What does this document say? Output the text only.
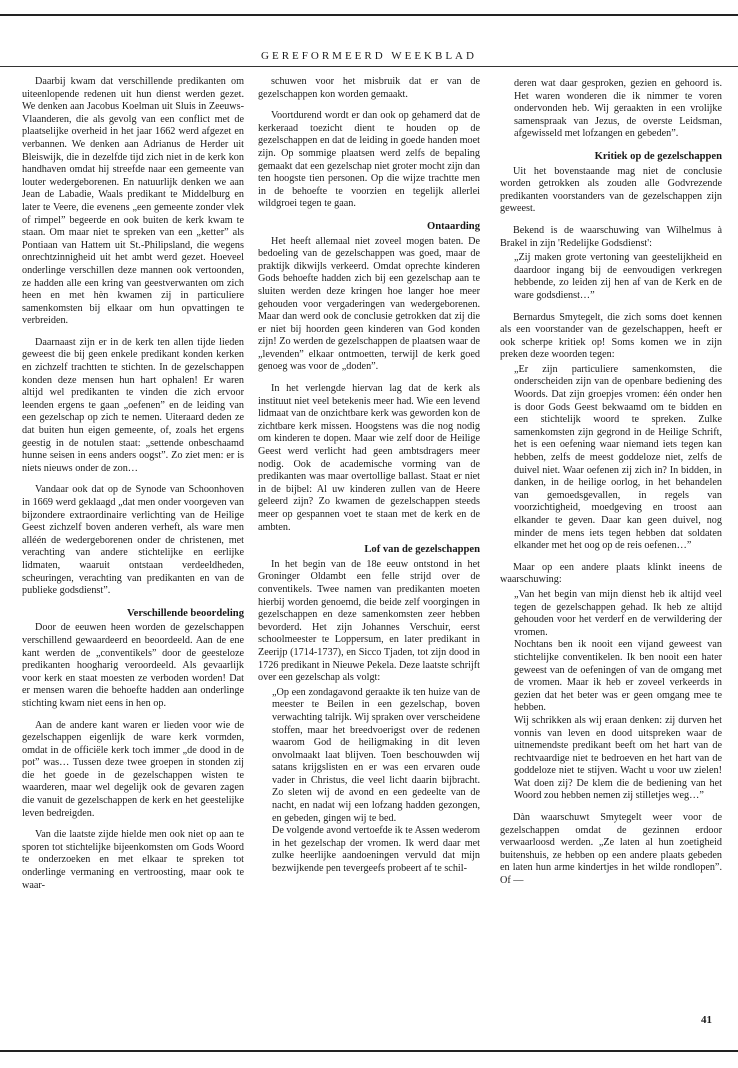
GEREFORMEERD WEEKBLAD

Daarbij kwam dat verschillende predikanten om uiteenlopende redenen uit hun dienst werden gezet. We denken aan Jacobus Koelman uit Sluis in Zeeuws-Vlaanderen, die als gevolg van een conflict met de plaatselijke overheid in het jaar 1662 werd afgezet en verbannen. We denken aan Adrianus de Herder uit Bleiswijk, die in dezelfde tijd zich niet in de kerk kon handhaven omdat hij streefde naar een gemeente van louter wedergeborenen. En natuurlijk denken we aan Jean de Labadie, Waals predikant te Middelburg en later te Veere, die evenens „een gemeente zonder vlek of rimpel” begeerde en ook buiten de kerk kwam te staan. Om maar niet te spreken van een „ketter” als Pontiaan van Hattem uit St.-Philipsland, die wegens onrechtzinnigheid uit het ambt werd gezet. Hoeveel onderlinge verschillen deze mannen ook vertoonden, ze hadden alle een kring van geestverwanten om zich heen en met hèn kwamen zij in particuliere samenkomsten bij elkaar om hun opvattingen te verbreiden.

Daarnaast zijn er in de kerk ten allen tijde lieden geweest die bij geen enkele predikant konden kerken en zichzelf trachtten te stichten. In de gezelschappen konden deze mensen hun hart ophalen! Er waren altijd wel predikanten te vinden die zich ervoor leenden ergens te gaan „oefenen” en de leiding van een gezelschap op zich te nemen. Uiteraard deden ze dat buiten hun eigen gemeente, of, zoals het ergens geestig in de notulen staat: „settende onbeschaamd hunne seisen in eens anders oogst”. Zo ziet men: er is niets nieuws onder de zon…

Vandaar ook dat op de Synode van Schoonhoven in 1669 werd geklaagd „dat men onder voorgeven van bijzondere extraordinaire verlichting van de Heilige Geest zichzelf boven anderen verheft, als ware men alléén de wedergeborenen onder de christenen, met verachting van andere stichtelijke en eerlijke lidmaten, waaruit ontstaan verdeeldheden, scheuringen, verachting van predikanten en van de publieke godsdienst”.

Verschillende beoordeling

Door de eeuwen heen worden de gezelschappen verschillend gewaardeerd en beoordeeld. Aan de ene kant werden de „conventikels” door de geesteloze predikanten hoogharig veroordeeld. Als gevaarlijk voor kerk en staat moesten ze verboden worden! Dat er mensen waren die behoefte hadden aan onderlinge stichting kwam niet eens in hen op.

Aan de andere kant waren er lieden voor wie de gezelschappen eigenlijk de ware kerk vormden, omdat in de officiële kerk toch immer „de dood in de pot” was… Tussen deze twee groepen in stonden zij die het goede in de gezelschappen wisten te waarderen, maar wel degelijk ook de gevaren zagen die vanuit de gezelschappen de kerk en het geestelijke leven bedreigden.

Van die laatste zijde hielde men ook niet op aan te sporen tot stichtelijke bijeenkomsten om Gods Woord te onderzoeken en met elkaar te spreken tot onderlinge vermaning en vertroosting, maar ook te waar-

schuwen voor het misbruik dat er van de gezelschappen kon worden gemaakt.

Voortdurend wordt er dan ook op gehamerd dat de kerkeraad toezicht dient te houden op de gezelschappen en dat de leiding in goede handen moet zijn. Op sommige plaatsen werd zelfs de bepaling gemaakt dat een gezelschap niet groter mocht zijn dan ten hoogste tien personen. Op die wijze trachtte men in de behoefte te voorzien en tegelijk allerlei wildgroei tegen te gaan.

Ontaarding

Het heeft allemaal niet zoveel mogen baten. De bedoeling van de gezelschappen was goed, maar de praktijk dikwijls verkeerd. Omdat oprechte kinderen Gods behoefte hadden zich bij een gezelschap aan te sluiten werden deze kringen hoe langer hoe meer gehouden voor vergaderingen van wedergeborenen. Maar dan werd ook de conclusie getrokken dat zij die er niet bij hoorden geen kinderen van God konden zijn! Zo werden de gezelschappen de plaatsen waar de „levenden” elkaar ontmoetten, terwijl de kerk goed genoeg was voor de „doden”.

In het verlengde hiervan lag dat de kerk als instituut niet veel betekenis meer had. Wie een levend lidmaat van de onzichtbare kerk was geworden kon de zichtbare kerk missen. Hoogstens was die nog nodig om kinderen te dopen. Maar wie zelf door de Heilige Geest werd verlicht had geen ambtsdragers meer nodig. Ook de academische vorming van de predikanten was maar overtollige ballast. Staat er niet in de bijbel: Al uw kinderen zullen van de Heere geleerd zijn? Zo kwamen de gezelschappen steeds meer op gespannen voet te staan met de kerk en de ambten.

Lof van de gezelschappen

In het begin van de 18e eeuw ontstond in het Groninger Oldambt een felle strijd over de conventikels. Twee namen van predikanten moeten hierbij worden genoemd, die beide zelf voorgingen in gezelschappen en deze samenkomsten zeer hebben bevorderd. Het zijn Johannes Verschuir, eerst schoolmeester te Loppersum, en later predikant in Zeerijp (1714-1737), en Sicco Tjaden, tot zijn dood in 1726 predikant in Nieuwe Pekela. Deze laatste schrijft over een gezelschap als volgt:

„Op een zondagavond geraakte ik ten huize van de meester te Beilen in een gezelschap, boven verwachting talrijk. Wij spraken over verscheidene stoffen, maar het breedvoerigst over de redenen waarom God de heiligmaking in dit leven onvolmaakt laat blijven. Toen beschouwden wij satans krijgslisten en er was een ervaren oude vader in Christus, die veel licht daarin bijbracht. Zo sleten wij de avond en een gedeelte van de nacht, en nadat wij een lofzang hadden gezongen, en gebeden, gingen wij te bed.

De volgende avond vertoefde ik te Assen wederom in het gezelschap der vromen. Ik werd daar met zulke heerlijke aandoeningen vervuld dat mijn bezwijkende pen tevergeefs probeert af te schil-

deren wat daar gesproken, gezien en gehoord is. Het waren wonderen die ik nimmer te voren ondervonden heb. Wij geraakten in een vrolijke samenspraak van Jezus, de overste Leidsman, afgewisseld met lofzangen en gebeden”.

Kritiek op de gezelschappen

Uit het bovenstaande mag niet de conclusie worden getrokken als zouden alle Godvrezende predikanten voorstanders van de gezelschappen zijn geweest.

Bekend is de waarschuwing van Wilhelmus à Brakel in zijn 'Redelijke Godsdienst':

„Zij maken grote vertoning van geestelijkheid en daardoor ingang bij de eenvoudigen verkregen hebbende, zo leiden zij hen af van de Kerk en de ware godsdienst…”

Bernardus Smytegelt, die zich soms doet kennen als een voorstander van de gezelschappen, heeft er ook scherpe kritiek op! Soms komen we in zijn preken deze woorden tegen:

„Er zijn particuliere samenkomsten, die onderscheiden zijn van de openbare bediening des Woords. Dat zijn groepjes vromen: één onder hen is door Gods Geest bekwaamd om te bidden en een stichtelijk woord te spreken. Zulke samenkomsten zijn gegrond in de Heilige Schrift, het is een oefening waar niemand iets tegen kan hebben, zelfs de meest goddeloze niet, zelfs de duivel niet. Waar oefenen zij zich in? In bidden, in danken, in de heilige oorlog, in het behandelen van gemoedsgevallen, in regels van voorzichtigheid, moedgeving en troost aan elkander te geven. Daar kan geen duivel, nog minder de mens iets tegen hebben dat soldaten elkander met het oog op de reis oefenen…”

Maar op een andere plaats klinkt ineens de waarschuwing:

„Van het begin van mijn dienst heb ik altijd veel tegen de gezelschappen gehad. Ik heb ze altijd gehouden voor het verderf en de verwildering der vromen.

Nochtans ben ik nooit een vijand geweest van stichtelijke conventikelen. Ik ben nooit een hater geweest van de oefeningen of van de omgang met de vromen. Maar ik heb er zoveel verkeerds in gezien dat het beter was er geen omgang mee te hebben.

Wij schrikken als wij eraan denken: zij durven het vonnis van leven en dood uitspreken waar de uitnemendste predikant beeft om het hart van de rechtvaardige niet te bedroeven en het hart van de goddeloze niet te stijven. Wacht u voor uw zielen! Wat doen zij? De klem die de bediening van het Woord zou hebben nemen zij stilletjes weg…”

Dàn waarschuwt Smytegelt weer voor de gezelschappen omdat de gezinnen erdoor verwaarloosd werden. „Ze laten al hun zoetigheid buitenshuis, ze hebben op een andere plaats gebeden en laten hun arme kindertjes in het wilde rondlopen”. Of —

41
